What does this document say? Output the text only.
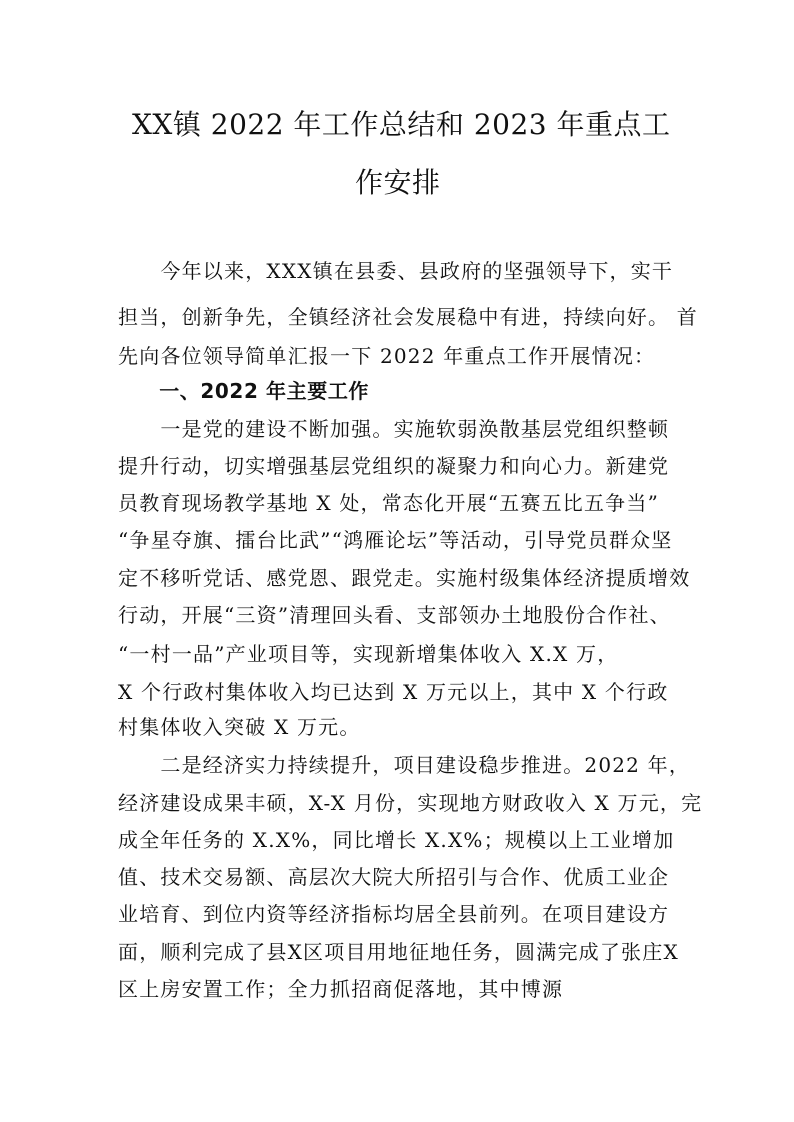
XX镇 2022 年工作总结和 2023 年重点工
作安排
　　今年以来，XXX镇在县委、县政府的坚强领导下，实干
担当，创新争先，全镇经济社会发展稳中有进，持续向好。 首
先向各位领导简单汇报一下 2022 年重点工作开展情况：
　　一、2022 年主要工作
　　一是党的建设不断加强。实施软弱涣散基层党组织整顿
提升行动，切实增强基层党组织的凝聚力和向心力。新建党
员教育现场教学基地 X 处，常态化开展“五赛五比五争当”
“争星夺旗、擂台比武”“鸿雁论坛”等活动，引导党员群众坚
定不移听党话、感党恩、跟党走。实施村级集体经济提质增效
行动，开展“三资”清理回头看、支部领办土地股份合作社、
“一村一品”产业项目等，实现新增集体收入 X.X 万，
X 个行政村集体收入均已达到 X 万元以上，其中 X 个行政
村集体收入突破 X 万元。
　　二是经济实力持续提升，项目建设稳步推进。2022 年，
经济建设成果丰硕，X-X 月份，实现地方财政收入 X 万元，完
成全年任务的 X.X%，同比增长 X.X%；规模以上工业增加
值、技术交易额、高层次大院大所招引与合作、优质工业企
业培育、到位内资等经济指标均居全县前列。在项目建设方
面，顺利完成了县X区项目用地征地任务，圆满完成了张庄X
区上房安置工作；全力抓招商促落地，其中博源
